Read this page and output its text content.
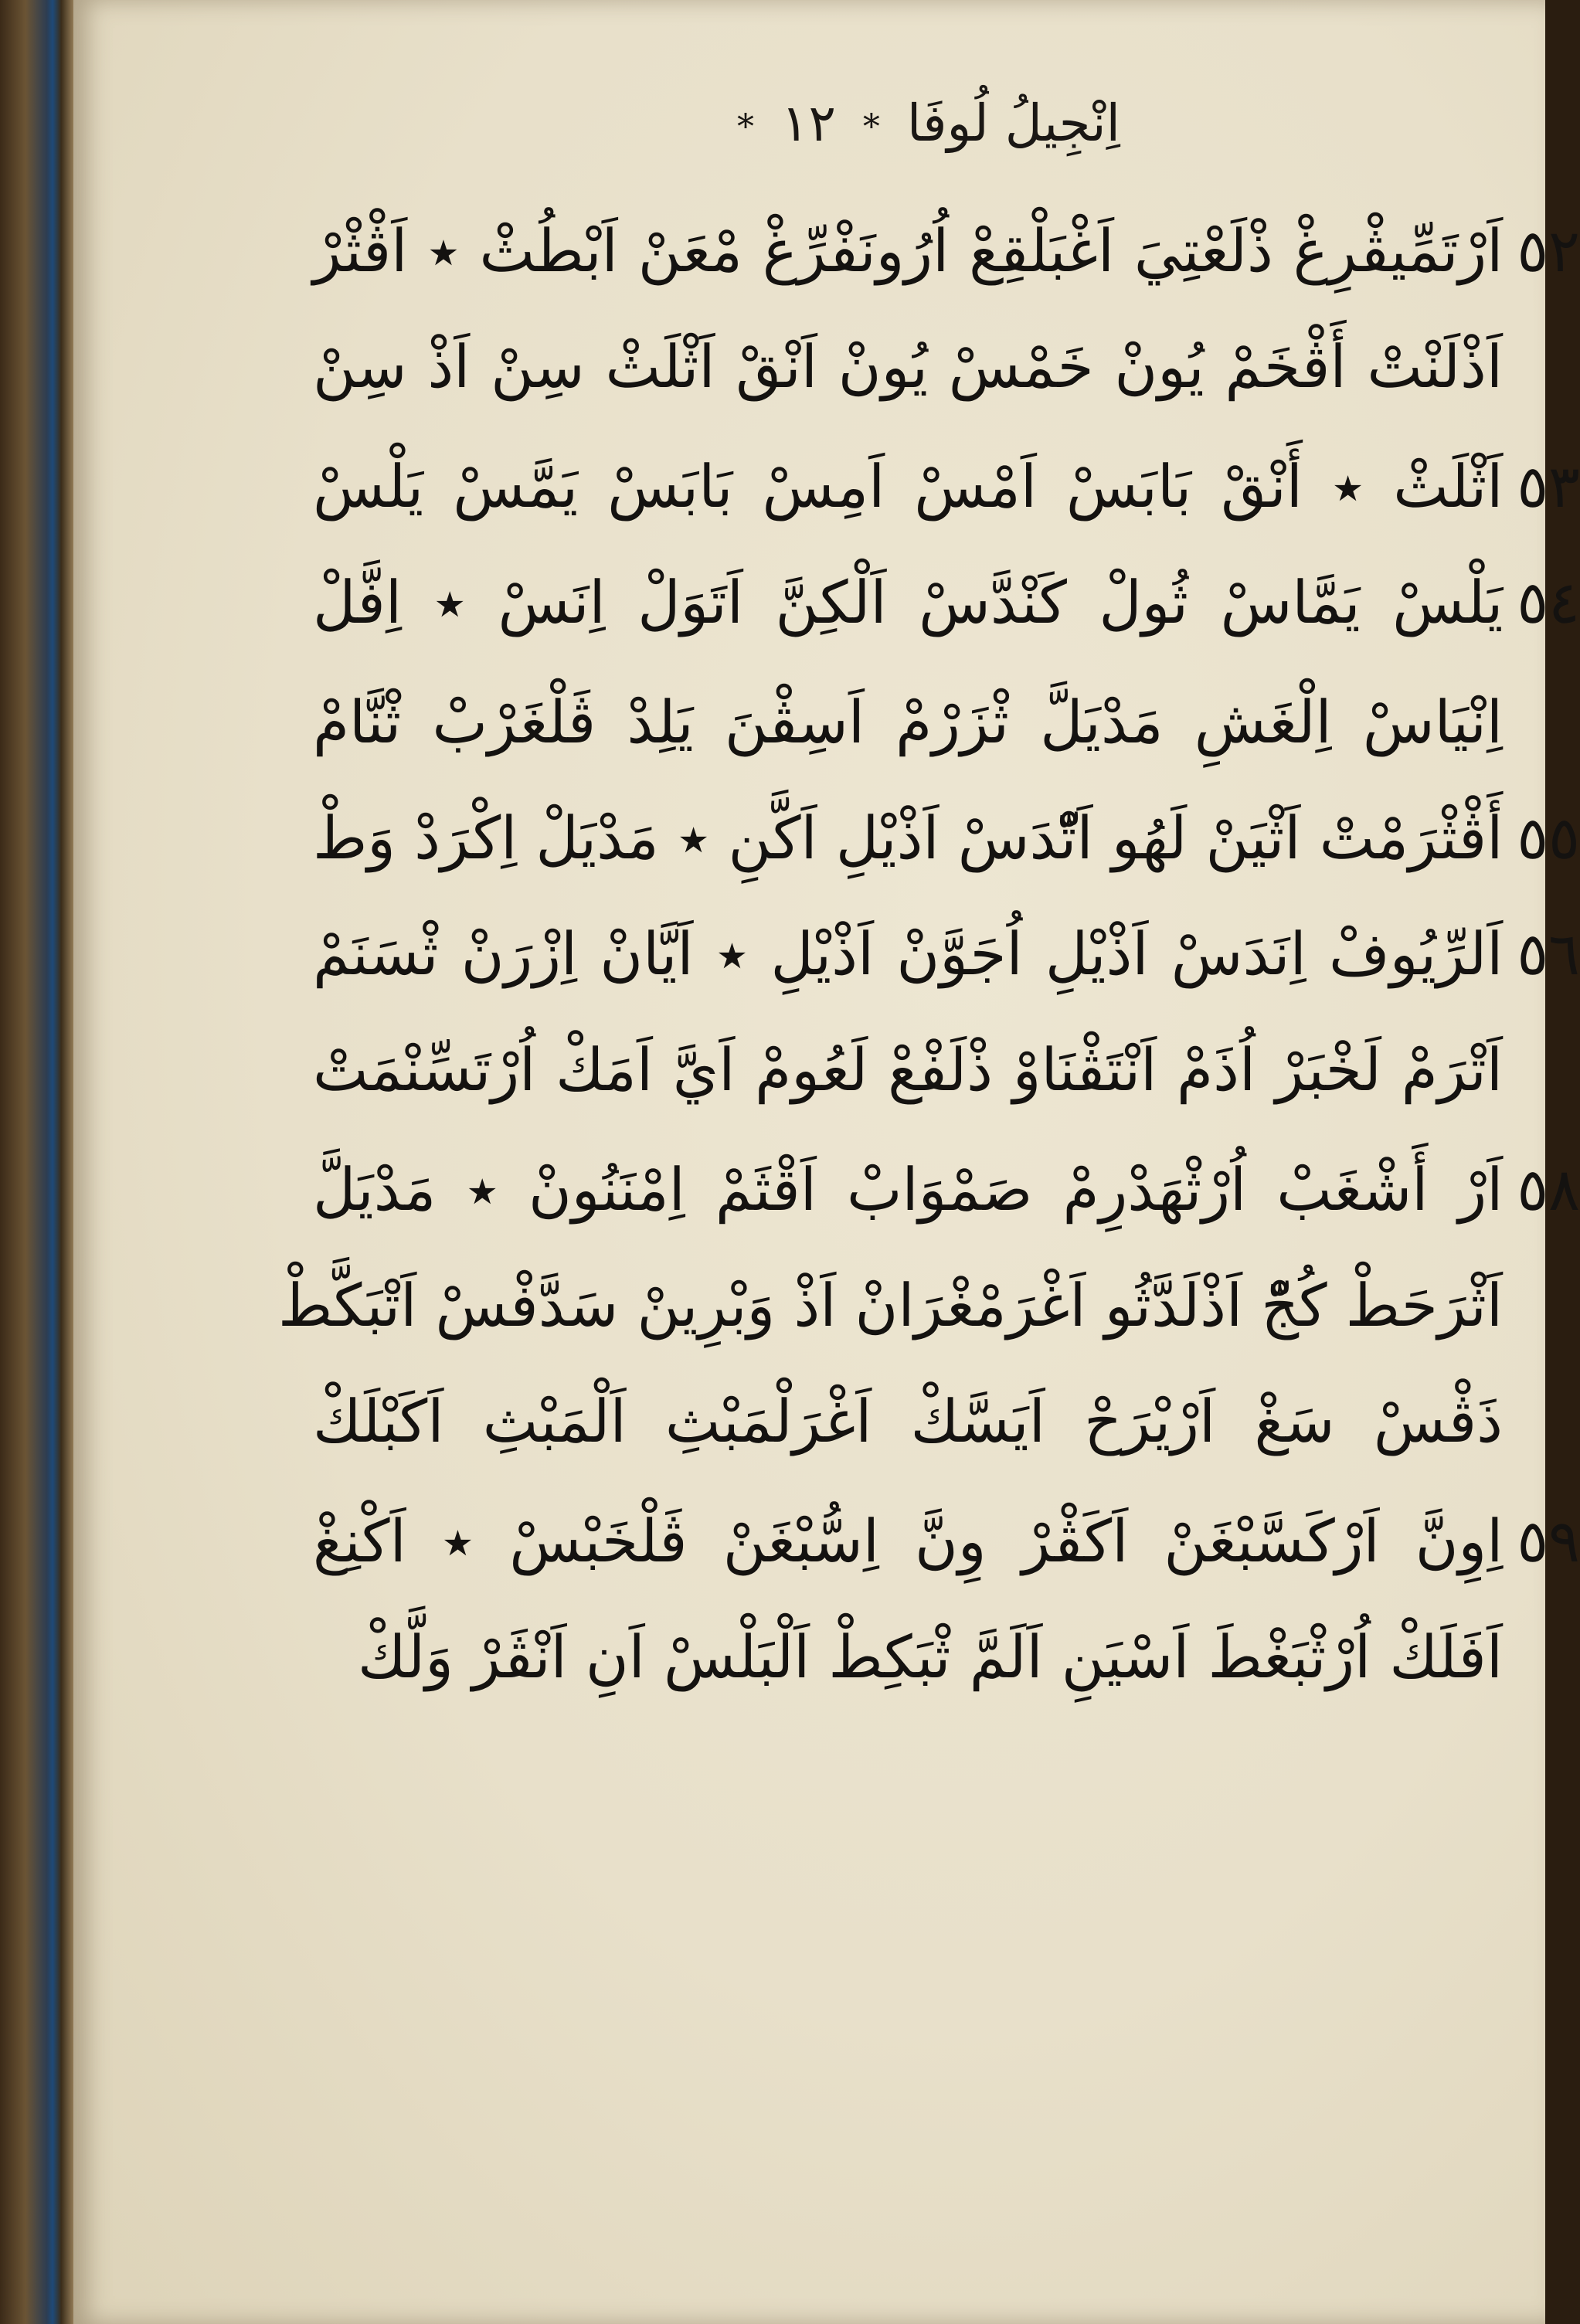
اِنْجِيلُ لُوفَا * ١٢ *
٥٢اَرْتَمِّيڤْرِغْ ذْلَعْتِيَ اَغْبَلْقِعْ اُرُونَفْرِّغْ مْعَنْ اَبْطُثْ ٭ اَڤْثْرْ
اَذْلَنْتْ أَڤْخَمْ يُونْ خَمْسْ يُونْ اَنْقْ اَثْلَثْ سِنْ اَذْ سِنْ
٥٣اَثْلَثْ ٭ أَنْقْ بَابَسْ اَمْسْ اَمِسْ بَابَسْ يَمَّسْ يَلْسْ
٥٤يَلْسْ يَمَّاسْ ثُولْ كَنْدَّسْ اَلْكِنَّ اَتَوَلْ اِنَسْ ٭ اِفَّلْ
اِنْيَاسْ اِلْغَشِ مَدْيَلَّ ثْزَرْمْ اَسِڤْنَ يَلِدْ ڤَلْغَرْبْ ثْنَّامْ
٥٥أَڤْثْرَمْتْ اَثْيَنْ لَهُو اَتّْدَسْ اَذْيْلِ اَكَّنِ ٭ مَدْيَلْ اِكْرَدْ وَطْ
٥٦اَلرِّيُوفْ اِنَدَسْ اَذْيْلِ اُجَوَّنْ اَذْيْلِ ٭ اَيَّانْ اِزْرَنْ ثْسَنَمْ
اَتْرَمْ لَخْبَرْ اُذَمْ اَنْتَڤْنَاوْ ذْلَفْعْ لَعُومْ اَيَّ اَمَكْ اُرْتَسِّنْمَتْ
٥٨اَرْ أَشْغَبْ اُرْثْهَدْرِمْ صَمْوَابْ اَقْثَمْ اِمْنَنُونْ ٭ مَدْيَلَّ
اَثْرَحَطْ كُجّْ اَذْلَدَّثُو اَغْرَمْغْرَانْ اَذْ وَبْرِينْ سَدَّفْسْ اَتْبَكَّطْ
ذَڤْسْ سَغْ اَرْيْرَحْ اَيَسَّكْ اَغْرَلْمَبْثِ اَلْمَبْثِ اَكَبْلَكْ
٥٩اِوِنَّ اَرْكَسَّبْغَنْ اَكَڤْرْ وِنَّ اِسُّبْغَنْ ڤَلْخَبْسْ ٭ اَكْنِغْ
اَفَلَكْ اُرْثْبَغْطَ اَسْيَنِ اَلَمَّ ثْبَكِطْ اَلْبَلْسْ اَنِ اَنْڤَرْ وَلَّكْ
